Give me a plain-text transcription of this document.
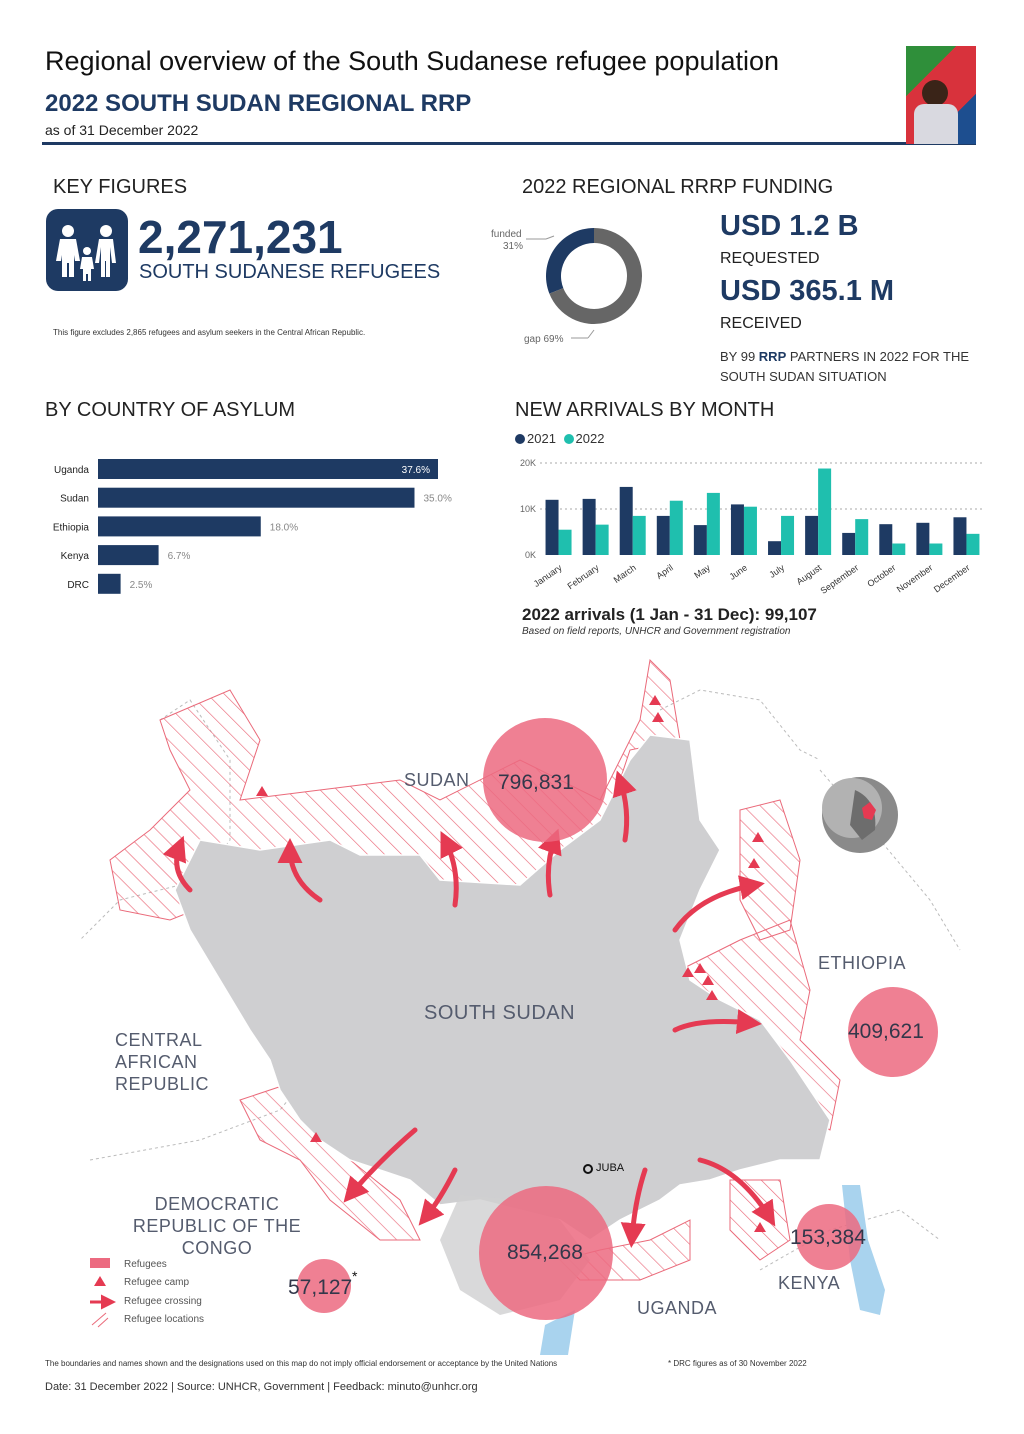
Regional overview of the South Sudanese refugee population
2022 SOUTH SUDAN REGIONAL RRP
as of 31 December 2022
KEY FIGURES
2,271,231
SOUTH SUDANESE REFUGEES
This figure excludes 2,865 refugees and asylum seekers in the Central African Republic.
2022 REGIONAL RRRP FUNDING
funded
31%
gap 69%
USD 1.2 B
REQUESTED
USD 365.1 M
RECEIVED
BY 99 RRP PARTNERS IN 2022 FOR THE SOUTH SUDAN SITUATION
BY COUNTRY OF ASYLUM
Uganda	37.6%
Sudan	35.0%
Ethiopia	18.0%
Kenya	6.7%
DRC	2.5%
NEW ARRIVALS BY MONTH
2021 2022
0K
10K
20K
January February March April May June July August
September October
November
December
2022 arrivals (1 Jan - 31 Dec): 99,107
Based on field reports, UNHCR and Government registration
SUDAN
ETHIOPIA
CENTRAL AFRICAN REPUBLIC
SOUTH SUDAN
DEMOCRATIC REPUBLIC OF THE CONGO
UGANDA
KENYA
JUBA
796,831
409,621
854,268
153,384
57,127 *
Refugees
Refugee camp
Refugee crossing
Refugee locations
The boundaries and names shown and the designations used on this map do not imply official endorsement or acceptance by the United Nations	* DRC figures as of 30 November 2022
Date: 31 December 2022 | Source: UNHCR, Government | Feedback: minuto@unhcr.org
